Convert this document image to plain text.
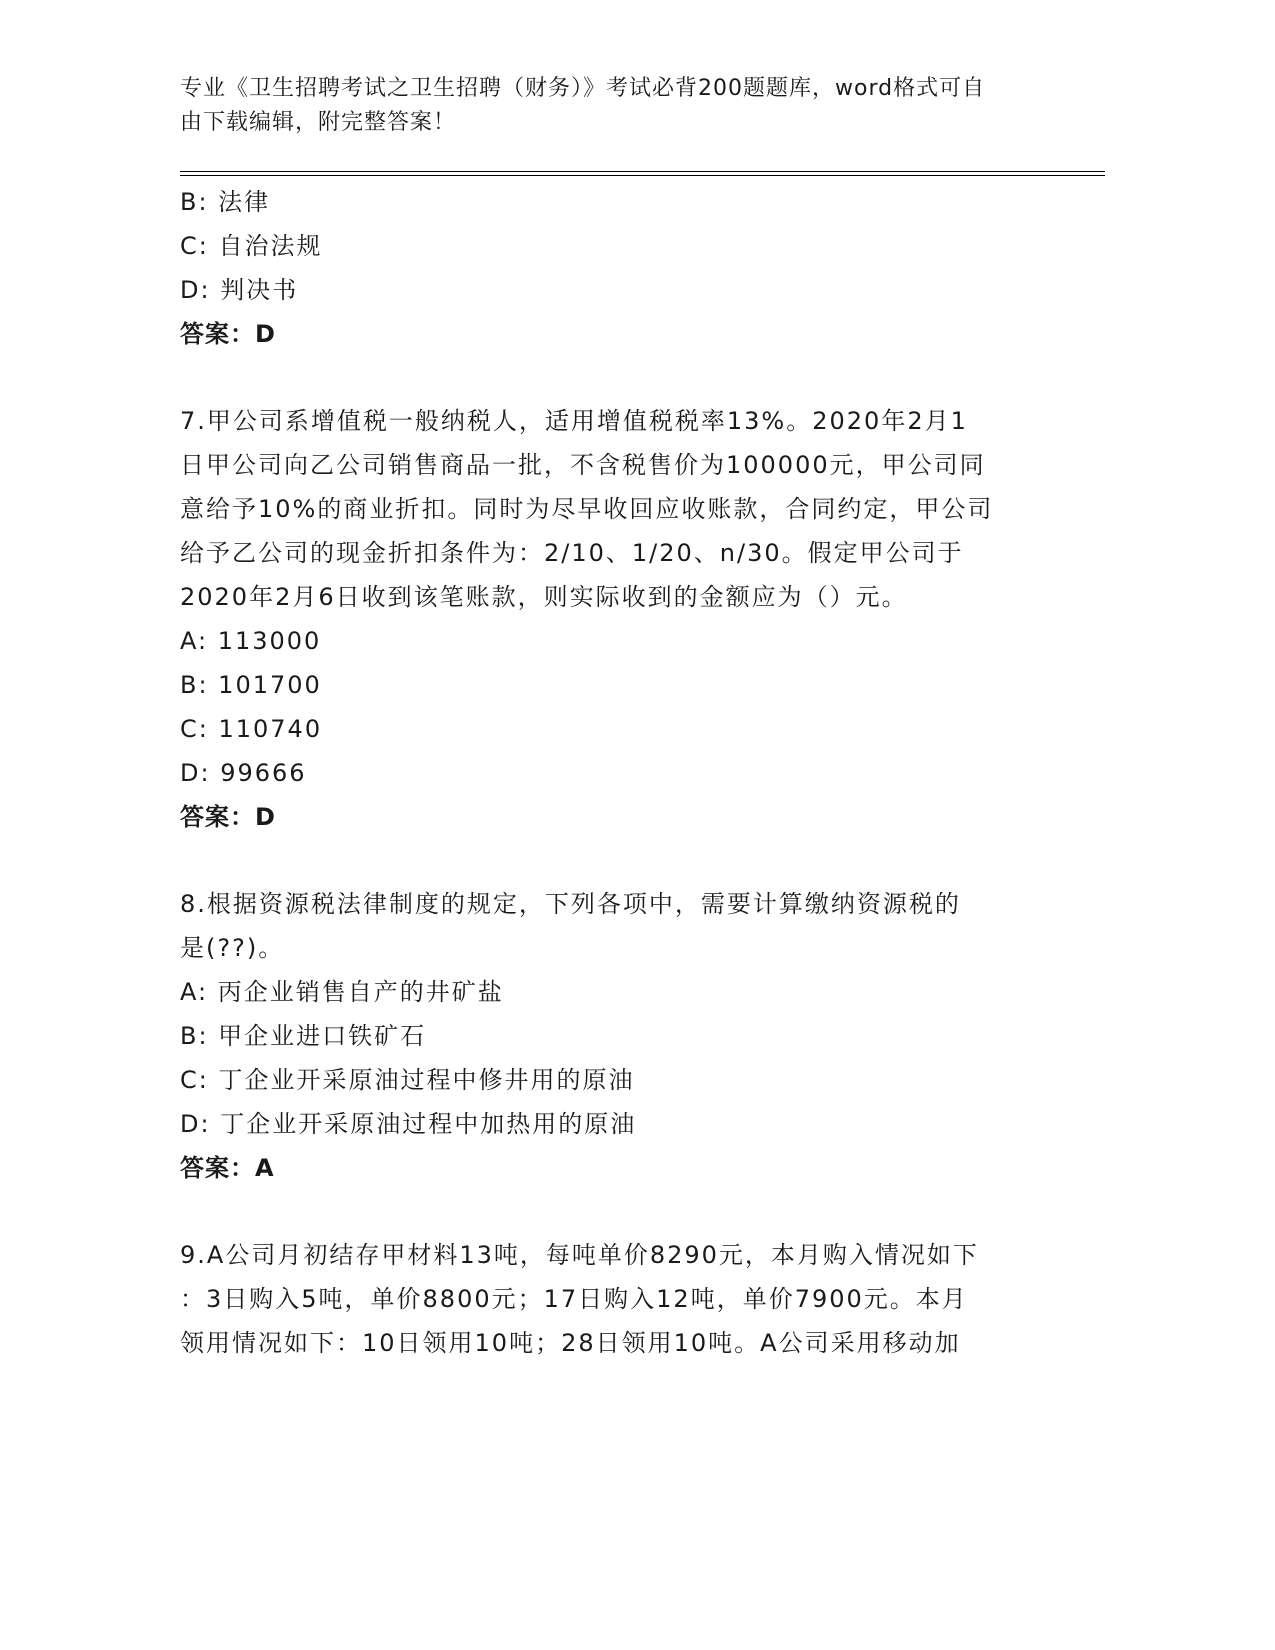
专业《卫生招聘考试之卫生招聘（财务）》考试必背200题题库，word格式可自
由下载编辑，附完整答案！
B: 法律
C: 自治法规
D: 判决书
答案：D
7.甲公司系增值税一般纳税人，适用增值税税率13%。2020年2月1
日甲公司向乙公司销售商品一批，不含税售价为100000元，甲公司同
意给予10%的商业折扣。同时为尽早收回应收账款，合同约定，甲公司
给予乙公司的现金折扣条件为：2/10、1/20、n/30。假定甲公司于
2020年2月6日收到该笔账款，则实际收到的金额应为（）元。
A: 113000
B: 101700
C: 110740
D: 99666
答案：D
8.根据资源税法律制度的规定，下列各项中，需要计算缴纳资源税的
是(??)。
A: 丙企业销售自产的井矿盐
B: 甲企业进口铁矿石
C: 丁企业开采原油过程中修井用的原油
D: 丁企业开采原油过程中加热用的原油
答案：A
9.A公司月初结存甲材料13吨，每吨单价8290元，本月购入情况如下
：3日购入5吨，单价8800元；17日购入12吨，单价7900元。本月
领用情况如下：10日领用10吨；28日领用10吨。A公司采用移动加
